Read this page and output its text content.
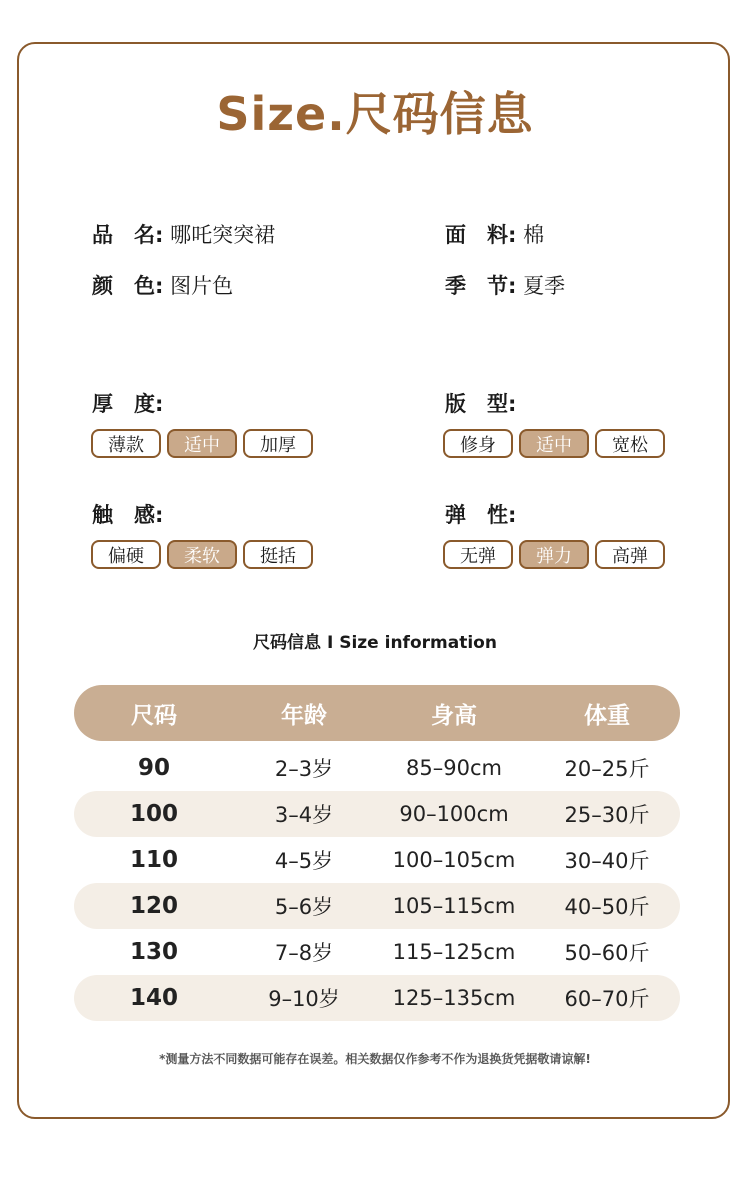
Size.尺码信息
品　名: 哪吒突突裙	面　料: 棉
颜　色: 图片色	季　节: 夏季
厚　度:
薄款	适中	加厚
版　型:
修身	适中	宽松
触　感:
偏硬	柔软	挺括
弹　性:
无弹	弹力	高弹
尺码信息 I Size information
尺码	年龄	身高	体重
90	2–3岁	85–90cm	20–25斤
100	3–4岁	90–100cm	25–30斤
110	4–5岁	100–105cm	30–40斤
120	5–6岁	105–115cm	40–50斤
130	7–8岁	115–125cm	50–60斤
140	9–10岁	125–135cm	60–70斤
*测量方法不同数据可能存在误差。相关数据仅作参考不作为退换货凭据敬请谅解!
